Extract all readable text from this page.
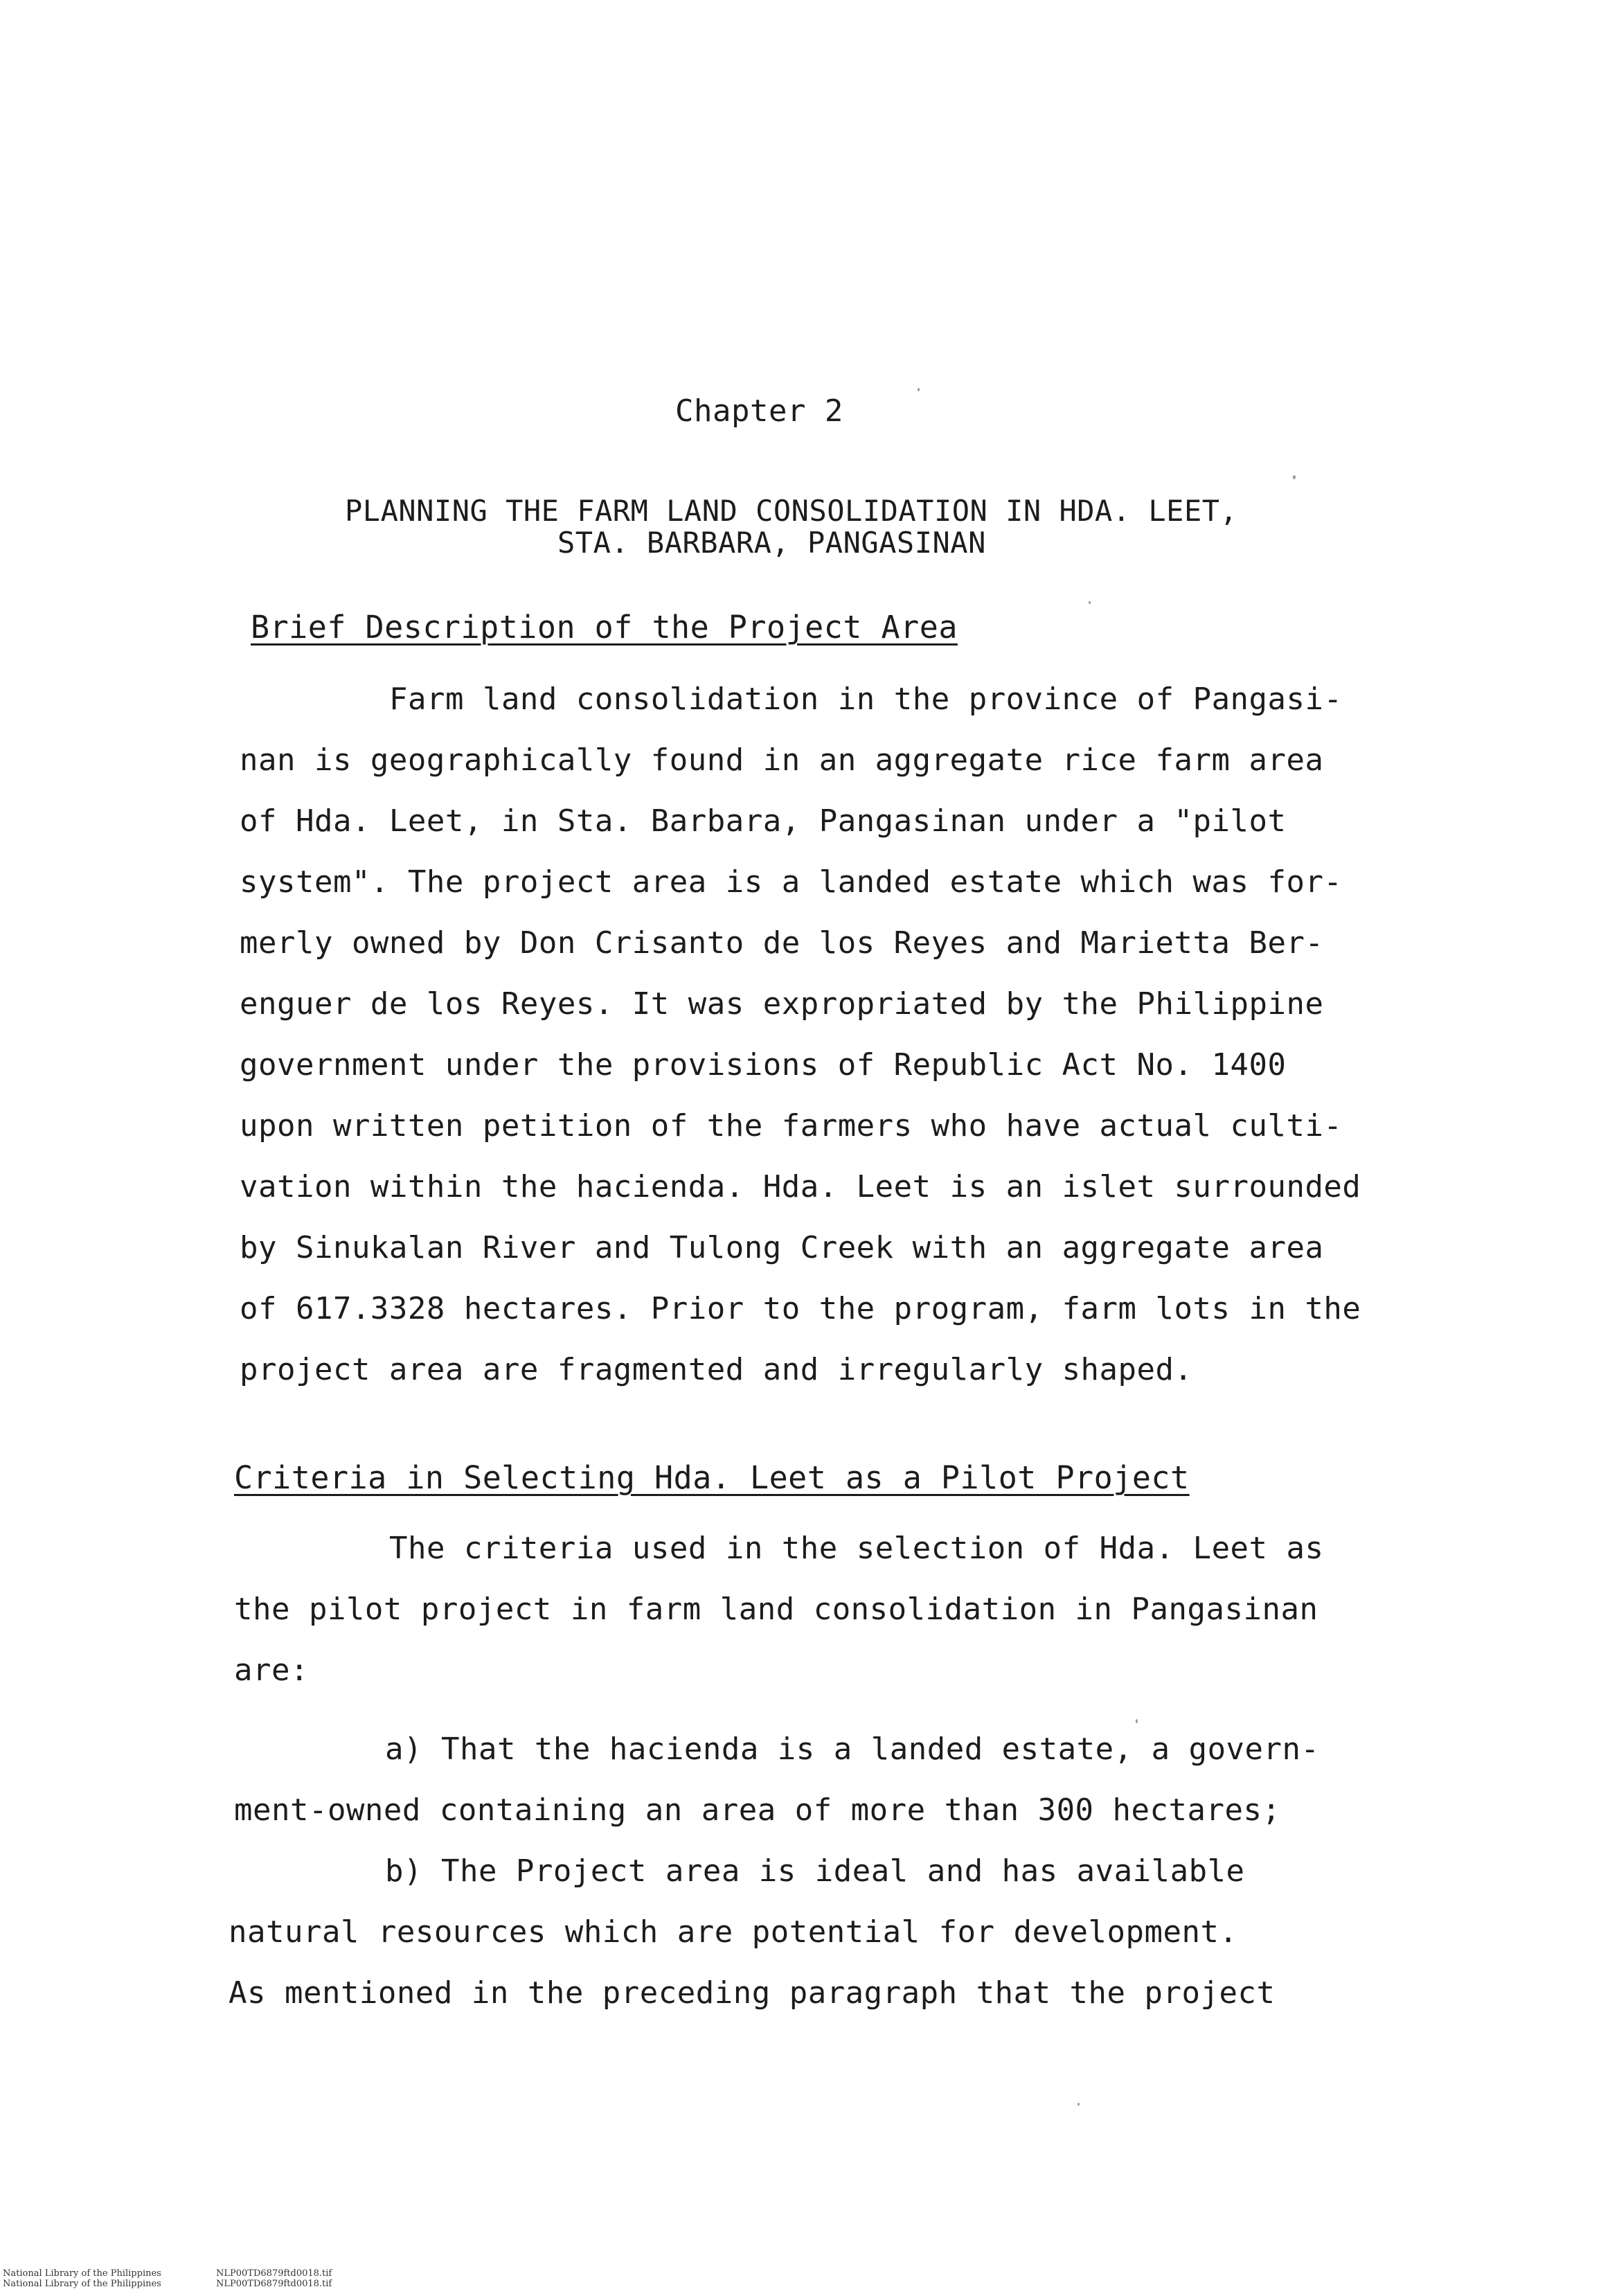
Chapter 2
PLANNING THE FARM LAND CONSOLIDATION IN HDA. LEET,
STA. BARBARA, PANGASINAN
Brief Description of the Project Area
Farm land consolidation in the province of Pangasi-
nan is geographically found in an aggregate rice farm area
of Hda. Leet, in Sta. Barbara, Pangasinan under a "pilot
system". The project area is a landed estate which was for-
merly owned by Don Crisanto de los Reyes and Marietta Ber-
enguer de los Reyes. It was expropriated by the Philippine
government under the provisions of Republic Act No. 1400
upon written petition of the farmers who have actual culti-
vation within the hacienda. Hda. Leet is an islet surrounded
by Sinukalan River and Tulong Creek with an aggregate area
of 617.3328 hectares. Prior to the program, farm lots in the
project area are fragmented and irregularly shaped.
Criteria in Selecting Hda. Leet as a Pilot Project
The criteria used in the selection of Hda. Leet as
the pilot project in farm land consolidation in Pangasinan
are:
a) That the hacienda is a landed estate, a govern-
ment-owned containing an area of more than 300 hectares;
b) The Project area is ideal and has available
natural resources which are potential for development.
As mentioned in the preceding paragraph that the project
National Library of the Philippines
National Library of the Philippines
NLP00TD6879ftd0018.tif
NLP00TD6879ftd0018.tif
